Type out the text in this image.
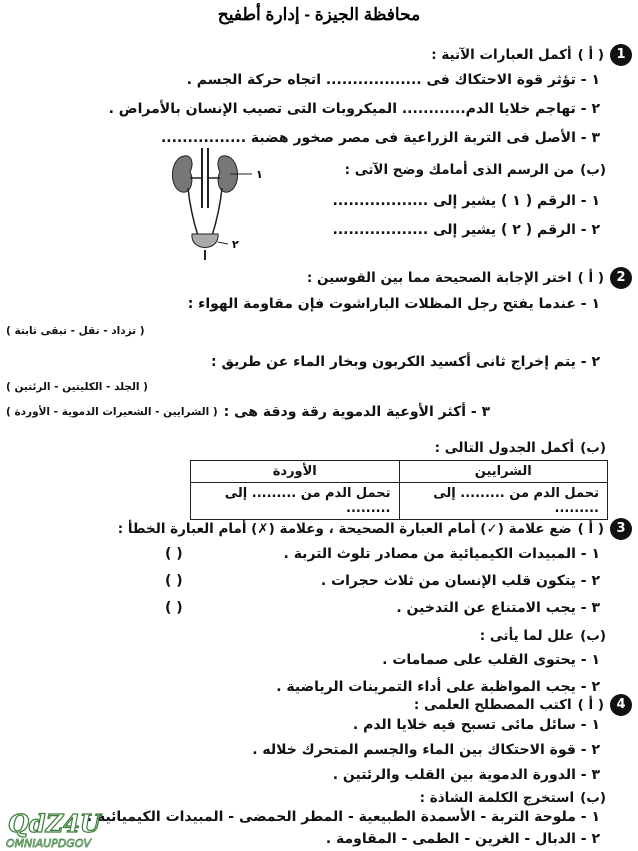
محافظة الجيزة - إدارة أطفيح
1
( أ )
أكمل العبارات الآتية :
١ - تؤثر قوة الاحتكاك فى .................. اتجاه حركة الجسم .
٢ - تهاجم خلايا الدم............ الميكروبات التى تصيب الإنسان بالأمراض .
٣ - الأصل فى التربة الزراعية فى مصر صخور هضبة ................
(ب)
من الرسم الذى أمامك وضح الآتى :
١ - الرقم ( ١ ) يشير إلى ..................
٢ - الرقم ( ٢ ) يشير إلى ..................
١
٢
2
( أ )
اختر الإجابة الصحيحة مما بين القوسين :
١ - عندما يفتح رجل المظلات الباراشوت فإن مقاومة الهواء :
( تزداد - تقل - تبقى ثابتة )
٢ - يتم إخراج ثانى أكسيد الكربون وبخار الماء عن طريق :
( الجلد - الكليتين - الرئتين )
٣ - أكثر الأوعية الدموية رقة ودقة هى :
( الشرايين - الشعيرات الدموية - الأوردة )
(ب)
أكمل الجدول التالى :
الشرايين	الأوردة
تحمل الدم من ......... إلى .........	تحمل الدم من ......... إلى .........
3
( أ )
ضع علامة (✓) أمام العبارة الصحيحة ، وعلامة (✗) أمام العبارة الخطأ :
١ - المبيدات الكيميائية من مصادر تلوث التربة .
( )
٢ - يتكون قلب الإنسان من ثلاث حجرات .
( )
٣ - يجب الامتناع عن التدخين .
( )
(ب)
علل لما يأتى :
١ - يحتوى القلب على صمامات .
٢ - يجب المواظبة على أداء التمرينات الرياضية .
4
( أ )
اكتب المصطلح العلمى :
١ - سائل مائى تسبح فيه خلايا الدم .
٢ - قوة الاحتكاك بين الماء والجسم المتحرك خلاله .
٣ - الدورة الدموية بين القلب والرئتين .
(ب)
استخرج الكلمة الشاذة :
١ - ملوحة التربة - الأسمدة الطبيعية - المطر الحمضى - المبيدات الكيميائية .
٢ - الدبال - الغرين - الطمى - المقاومة .
QdZ4U
OMNIAUPDGOV
